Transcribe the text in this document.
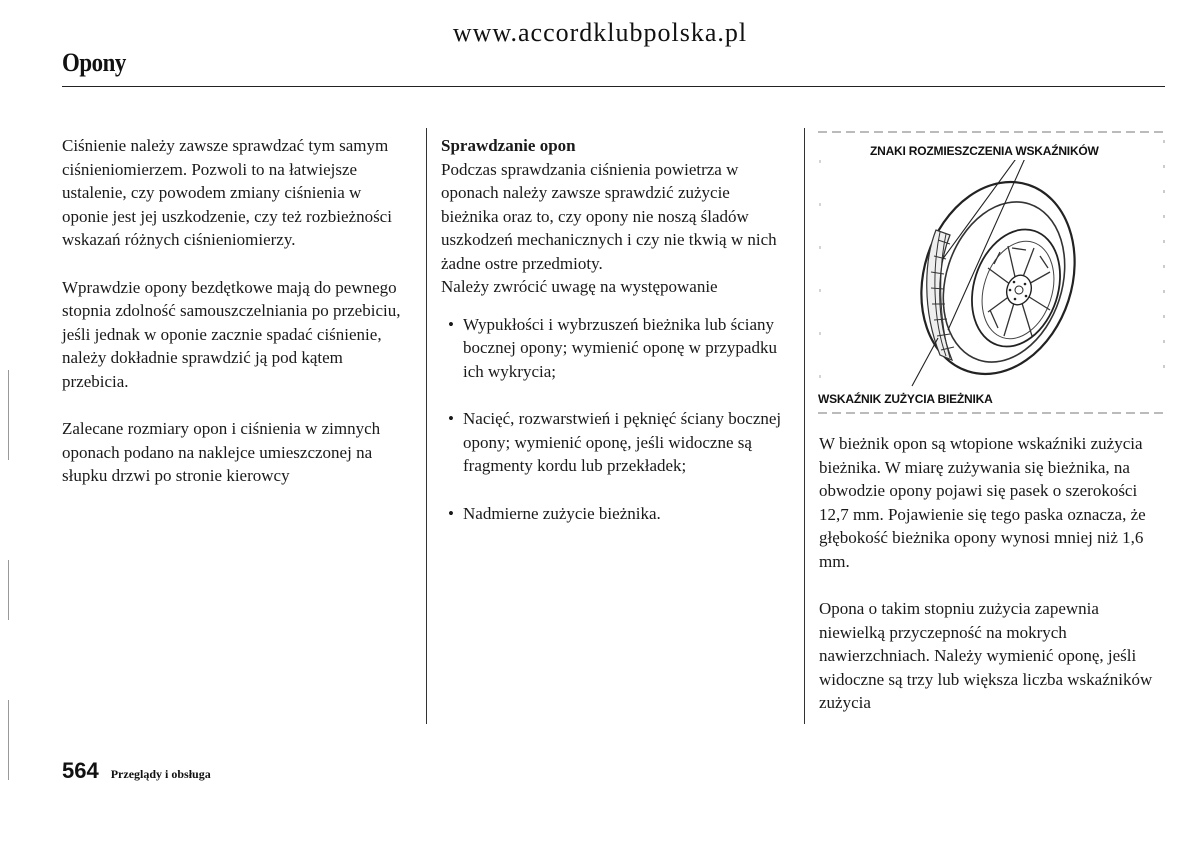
www.accordklubpolska.pl
Opony

Ciśnienie należy zawsze sprawdzać tym samym ciśnieniomierzem. Pozwoli to na łatwiejsze ustalenie, czy powodem zmiany ciśnienia w oponie jest jej uszkodzenie, czy też rozbieżności wskazań różnych ciśnieniomierzy.

Wprawdzie opony bezdętkowe mają do pewnego stopnia zdolność samouszczelniania po przebiciu, jeśli jednak w oponie zacznie spadać ciśnienie, należy dokładnie sprawdzić ją pod kątem przebicia.

Zalecane rozmiary opon i ciśnienia w zimnych oponach podano na naklejce umieszczonej na słupku drzwi po stronie kierowcy

Sprawdzanie opon
Podczas sprawdzania ciśnienia powietrza w oponach należy zawsze sprawdzić zużycie bieżnika oraz to, czy opony nie noszą śladów uszkodzeń mechanicznych i czy nie tkwią w nich żadne ostre przedmioty.
Należy zwrócić uwagę na występowanie
• Wypukłości i wybrzuszeń bieżnika lub ściany bocznej opony; wymienić oponę w przypadku ich wykrycia;
• Nacięć, rozwarstwień i pęknięć ściany bocznej opony; wymienić oponę, jeśli widoczne są fragmenty kordu lub przekładek;
• Nadmierne zużycie bieżnika.
ZNAKI ROZMIESZCZENIA WSKAŹNIKÓW
WSKAŹNIK ZUŻYCIA BIEŻNIKA

W bieżnik opon są wtopione wskaźniki zużycia bieżnika. W miarę zużywania się bieżnika, na obwodzie opony pojawi się pasek o szerokości 12,7 mm. Pojawienie się tego paska oznacza, że głębokość bieżnika opony wynosi mniej niż 1,6 mm.

Opona o takim stopniu zużycia zapewnia niewielką przyczepność na mokrych nawierzchniach. Należy wymienić oponę, jeśli widoczne są trzy lub większa liczba wskaźników zużycia

564 Przeglądy i obsługa
